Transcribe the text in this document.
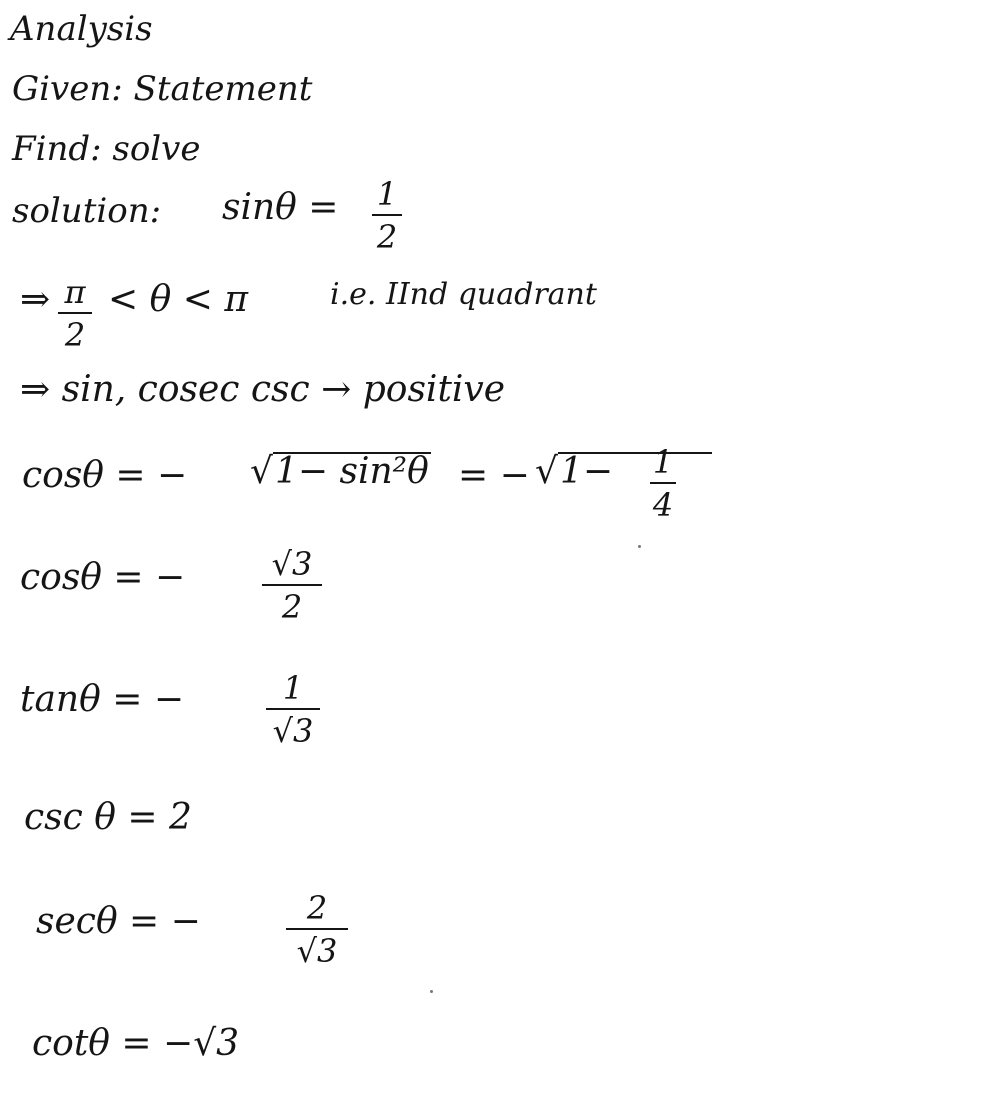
Analysis
Given: Statement
Find: solve
solution: sinθ = 1
2
⇒ π
2
< θ < π	i.e. IInd quadrant
⇒ sin, cosec csc → positive
cosθ = − √1− sin²θ = − √1−	1
4
cosθ = −	√3
2
tanθ = −	1
√3
csc θ = 2
secθ = −	2
√3
cotθ = −√3
